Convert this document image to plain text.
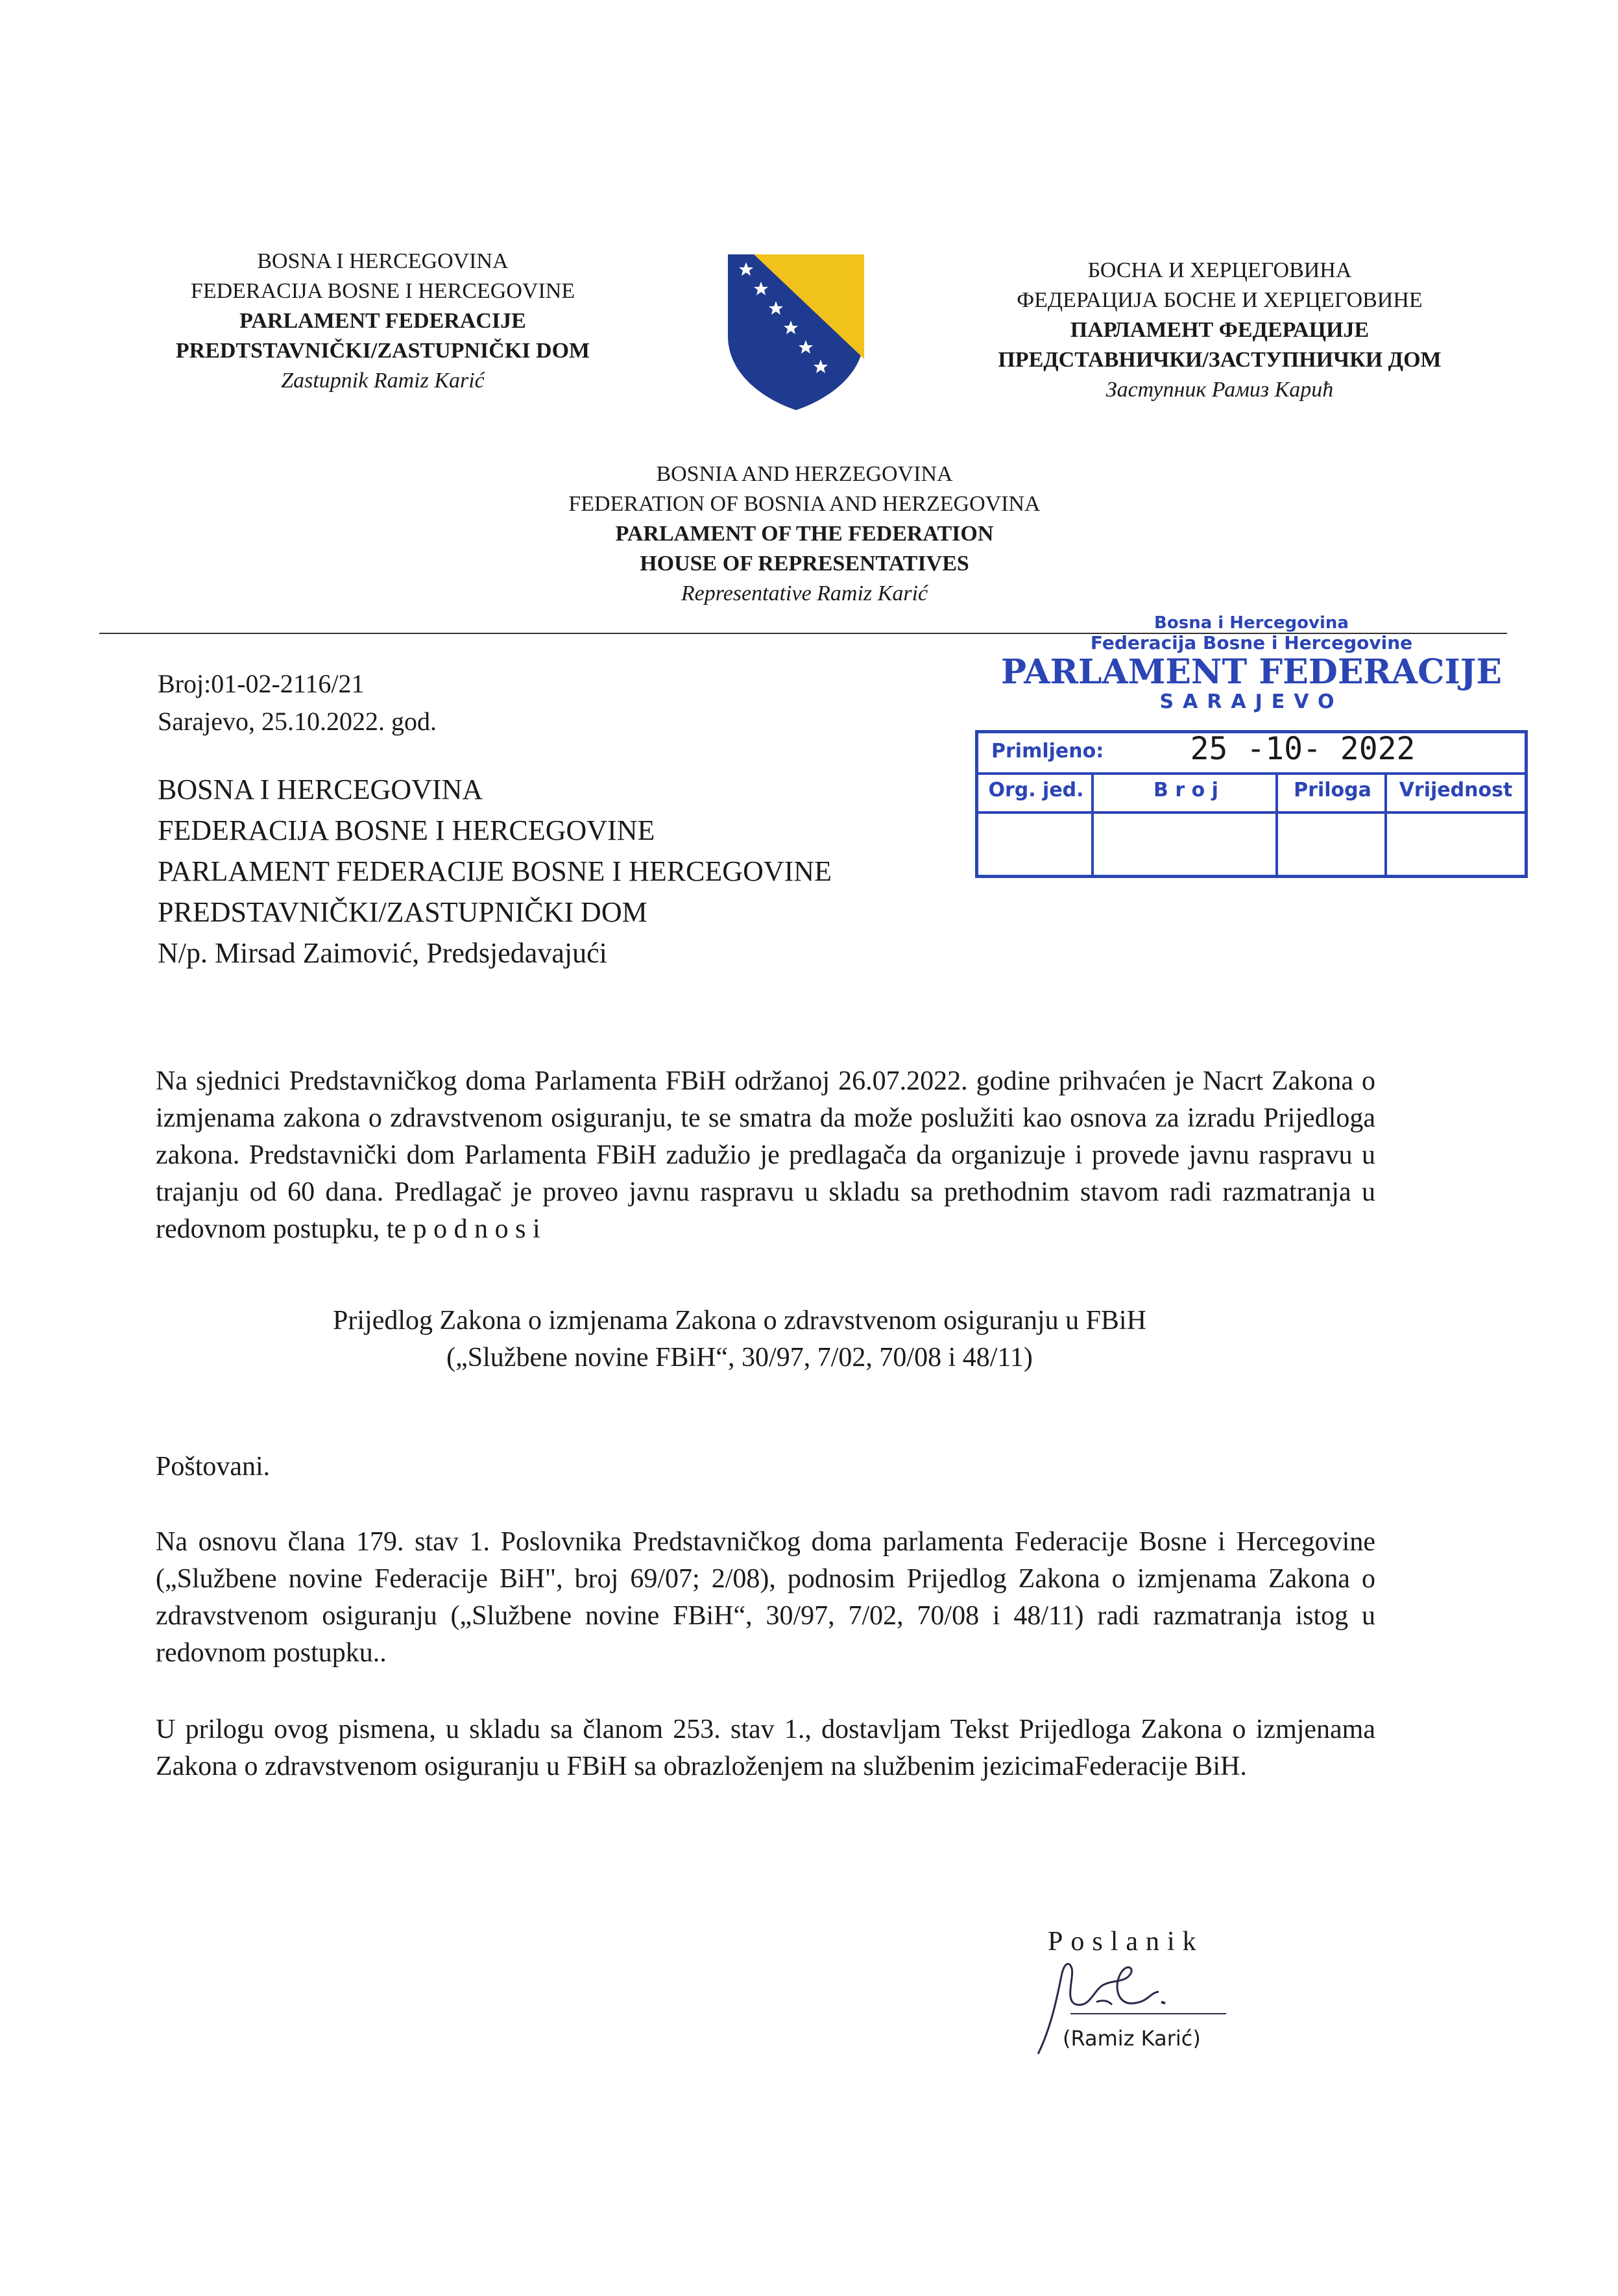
BOSNA I HERCEGOVINA
FEDERACIJA BOSNE I HERCEGOVINE
PARLAMENT FEDERACIJE
PREDTSTAVNIČKI/ZASTUPNIČKI DOM
Zastupnik Ramiz Karić
БОСНА И ХЕРЦЕГОВИНА
ФЕДЕРАЦИЈА БОСНЕ И ХЕРЦЕГОВИНЕ
ПАРЛАМЕНТ ФЕДЕРАЦИЈЕ
ПРЕДСТАВНИЧКИ/ЗАСТУПНИЧКИ ДОМ
Заступник Рамиз Карић
BOSNIA AND HERZEGOVINA
FEDERATION OF BOSNIA AND HERZEGOVINA
PARLAMENT OF THE FEDERATION
HOUSE OF REPRESENTATIVES
Representative Ramiz Karić
Broj:01-02-2116/21
Sarajevo, 25.10.2022. god.
Bosna i Hercegovina
Federacija Bosne i Hercegovine
PARLAMENT FEDERACIJE
SARAJEVO
Primljeno:	25 -10- 2022
Org. jed.	B r o j	Priloga	Vrijednost
BOSNA I HERCEGOVINA
FEDERACIJA BOSNE I HERCEGOVINE
PARLAMENT FEDERACIJE BOSNE I HERCEGOVINE
PREDSTAVNIČKI/ZASTUPNIČKI DOM
N/p. Mirsad Zaimović, Predsjedavajući

Na sjednici Predstavničkog doma Parlamenta FBiH održanoj 26.07.2022. godine prihvaćen je Nacrt Zakona o izmjenama zakona o zdravstvenom osiguranju, te se smatra da može poslužiti kao osnova za izradu Prijedloga zakona. Predstavnički dom Parlamenta FBiH zadužio je predlagača da organizuje i provede javnu raspravu u trajanju od 60 dana. Predlagač je proveo javnu raspravu u skladu sa prethodnim stavom radi razmatranja u redovnom postupku, te p o d n o s i

Prijedlog Zakona o izmjenama Zakona o zdravstvenom osiguranju u FBiH
(„Službene novine FBiH“, 30/97, 7/02, 70/08 i 48/11)
Poštovani.

Na osnovu člana 179. stav 1. Poslovnika Predstavničkog doma parlamenta Federacije Bosne i Hercegovine („Službene novine Federacije BiH", broj 69/07; 2/08), podnosim Prijedlog Zakona o izmjenama Zakona o zdravstvenom osiguranju („Službene novine FBiH“, 30/97, 7/02, 70/08 i 48/11) radi razmatranja istog u redovnom postupku..

U prilogu ovog pismena, u skladu sa članom 253. stav 1., dostavljam Tekst Prijedloga Zakona o izmjenama Zakona o zdravstvenom osiguranju u FBiH sa obrazloženjem na službenim jezicimaFederacije BiH.

Poslanik
(Ramiz Karić)
